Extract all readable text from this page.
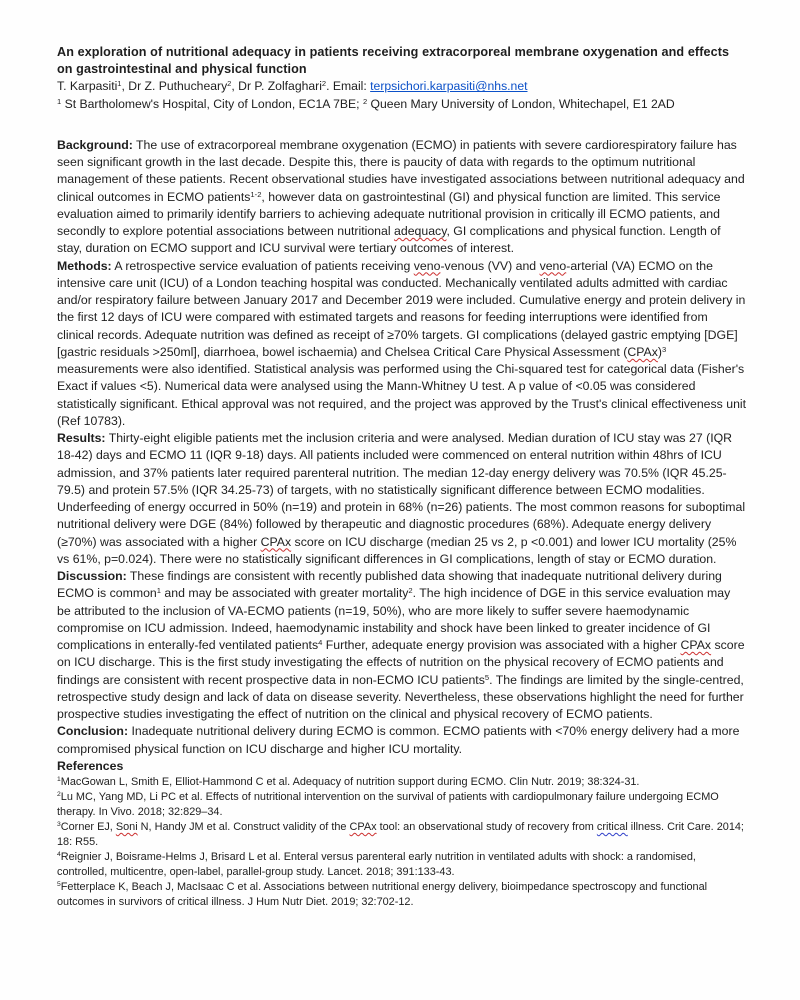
An exploration of nutritional adequacy in patients receiving extracorporeal membrane oxygenation and effects on gastrointestinal and physical function

T. Karpasiti$^1$, Dr Z. Puthucheary$^2$, Dr P. Zolfaghari$^2$. Email: terpsichori.karpasiti@nhs.net

$^1$ St Bartholomew's Hospital, City of London, EC1A 7BE; $^2$ Queen Mary University of London, Whitechapel, E1 2AD

Background: The use of extracorporeal membrane oxygenation (ECMO) in patients with severe cardiorespiratory failure has seen significant growth in the last decade. Despite this, there is paucity of data with regards to the optimum nutritional management of these patients. Recent observational studies have investigated associations between nutritional adequacy and clinical outcomes in ECMO patients$^{1-2}$, however data on gastrointestinal (GI) and physical function are limited. This service evaluation aimed to primarily identify barriers to achieving adequate nutritional provision in critically ill ECMO patients, and secondly to explore potential associations between nutritional adequacy, GI complications and physical function. Length of stay, duration on ECMO support and ICU survival were tertiary outcomes of interest.

Methods: A retrospective service evaluation of patients receiving veno-venous (VV) and veno-arterial (VA) ECMO on the intensive care unit (ICU) of a London teaching hospital was conducted. Mechanically ventilated adults admitted with cardiac and/or respiratory failure between January 2017 and December 2019 were included. Cumulative energy and protein delivery in the first 12 days of ICU were compared with estimated targets and reasons for feeding interruptions were identified from clinical records. Adequate nutrition was defined as receipt of ≥70% targets. GI complications (delayed gastric emptying [DGE] [gastric residuals >250ml], diarrhoea, bowel ischaemia) and Chelsea Critical Care Physical Assessment (CPAx)$^3$ measurements were also identified. Statistical analysis was performed using the Chi-squared test for categorical data (Fisher's Exact if values <5). Numerical data were analysed using the Mann-Whitney U test. A p value of <0.05 was considered statistically significant. Ethical approval was not required, and the project was approved by the Trust's clinical effectiveness unit (Ref 10783).

Results: Thirty-eight eligible patients met the inclusion criteria and were analysed. Median duration of ICU stay was 27 (IQR 18-42) days and ECMO 11 (IQR 9-18) days. All patients included were commenced on enteral nutrition within 48hrs of ICU admission, and 37% patients later required parenteral nutrition. The median 12-day energy delivery was 70.5% (IQR 45.25-79.5) and protein 57.5% (IQR 34.25-73) of targets, with no statistically significant difference between ECMO modalities. Underfeeding of energy occurred in 50% (n=19) and protein in 68% (n=26) patients. The most common reasons for suboptimal nutritional delivery were DGE (84%) followed by therapeutic and diagnostic procedures (68%). Adequate energy delivery (≥70%) was associated with a higher CPAx score on ICU discharge (median 25 vs 2, p <0.001) and lower ICU mortality (25% vs 61%, p=0.024). There were no statistically significant differences in GI complications, length of stay or ECMO duration.

Discussion: These findings are consistent with recently published data showing that inadequate nutritional delivery during ECMO is common$^1$ and may be associated with greater mortality$^2$. The high incidence of DGE in this service evaluation may be attributed to the inclusion of VA-ECMO patients (n=19, 50%), who are more likely to suffer severe haemodynamic compromise on ICU admission. Indeed, haemodynamic instability and shock have been linked to greater incidence of GI complications in enterally-fed ventilated patients$^4$ Further, adequate energy provision was associated with a higher CPAx score on ICU discharge. This is the first study investigating the effects of nutrition on the physical recovery of ECMO patients and findings are consistent with recent prospective data in non-ECMO ICU patients$^5$. The findings are limited by the single-centred, retrospective study design and lack of data on disease severity. Nevertheless, these observations highlight the need for further prospective studies investigating the effect of nutrition on the clinical and physical recovery of ECMO patients.

Conclusion: Inadequate nutritional delivery during ECMO is common. ECMO patients with <70% energy delivery had a more compromised physical function on ICU discharge and higher ICU mortality.

References

$^1$MacGowan L, Smith E, Elliot-Hammond C et al. Adequacy of nutrition support during ECMO. Clin Nutr. 2019; 38:324-31.

$^2$Lu MC, Yang MD, Li PC et al. Effects of nutritional intervention on the survival of patients with cardiopulmonary failure undergoing ECMO therapy. In Vivo. 2018; 32:829–34.

$^3$Corner EJ, Soni N, Handy JM et al. Construct validity of the CPAx tool: an observational study of recovery from critical illness. Crit Care. 2014; 18: R55.

$^4$Reignier J, Boisrame-Helms J, Brisard L et al. Enteral versus parenteral early nutrition in ventilated adults with shock: a randomised, controlled, multicentre, open-label, parallel-group study. Lancet. 2018; 391:133-43.

$^5$Fetterplace K, Beach J, MacIsaac C et al. Associations between nutritional energy delivery, bioimpedance spectroscopy and functional outcomes in survivors of critical illness. J Hum Nutr Diet. 2019; 32:702-12.
